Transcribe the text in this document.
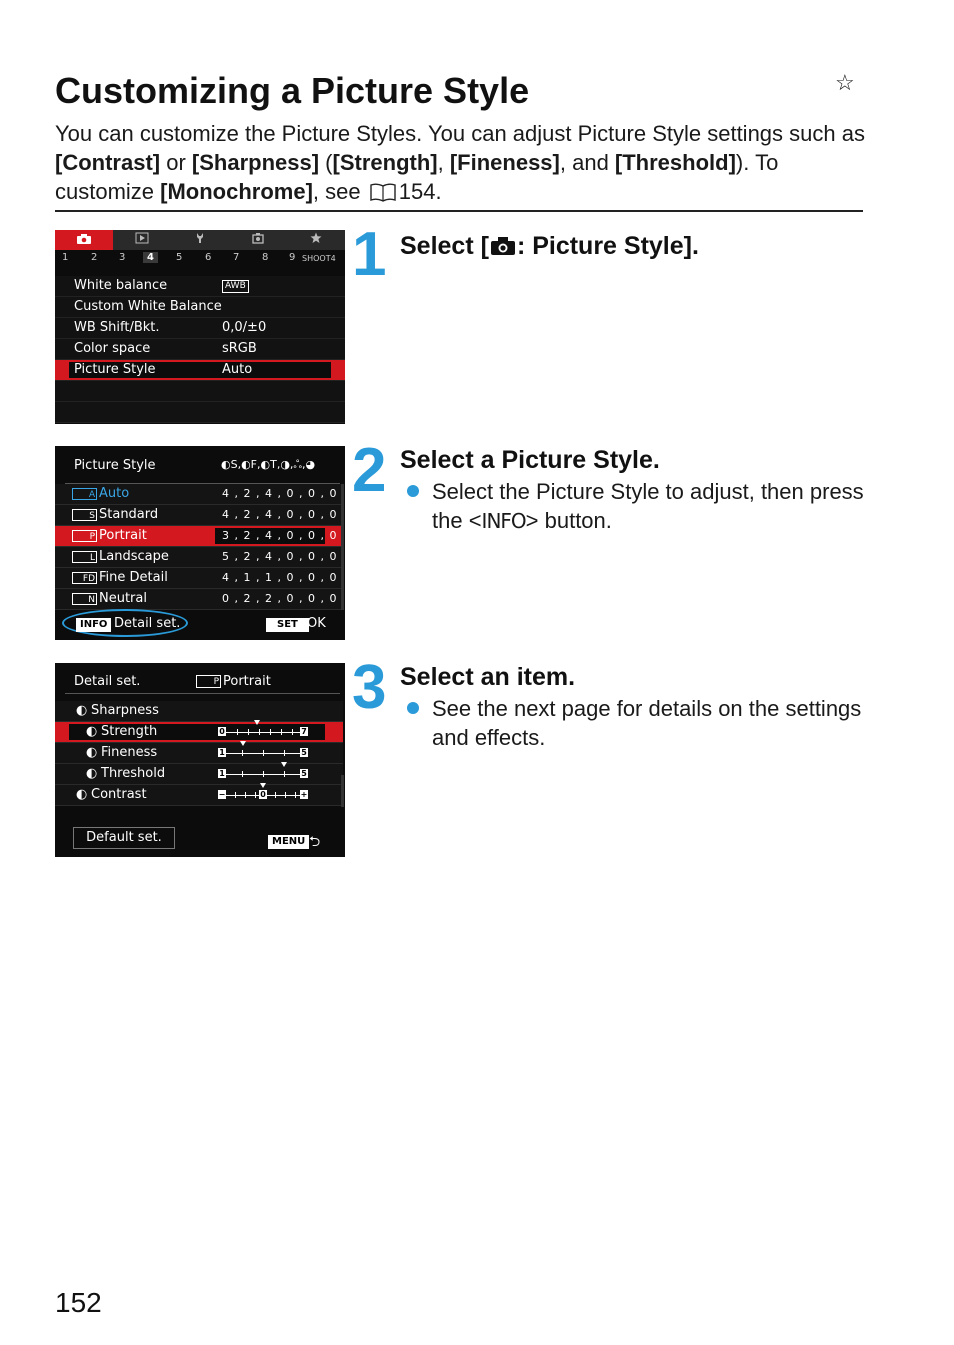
Customizing a Picture Style	☆
You can customize the Picture Styles. You can adjust Picture Style settings such as [Contrast] or [Sharpness] ([Strength], [Fineness], and [Threshold]). To customize [Monochrome], see 154.
1 Select [ : Picture Style].
1 2 3	4	5 6 7 8 9 SHOOT4
White balance	AWB
Custom White Balance
WB Shift/Bkt.	0,0/±0
Color space	sRGB
Picture Style	Auto
2 Select a Picture Style.
Select the Picture Style to adjust, then press the <INFO> button.
Picture Style	◐S,◐F,◐T,◑,ஃ,◕
A Auto	4 , 2 , 4 , 0 , 0 , 0
S Standard	4 , 2 , 4 , 0 , 0 , 0
P Portrait	3 , 2 , 4 , 0 , 0 , 0
L Landscape	5 , 2 , 4 , 0 , 0 , 0
FD Fine Detail	4 , 1 , 1 , 0 , 0 , 0
N Neutral	0 , 2 , 2 , 0 , 0 , 0
INFO Detail set.	SET OK
3 Select an item.
See the next page for details on the settings and effects.
Detail set.	P Portrait
◐ Sharpness
◐ Strength	0	7
◐ Fineness	1	5
◐ Threshold	1	5
◐ Contrast	−	+
0
Default set.	MENU ⮌
152
